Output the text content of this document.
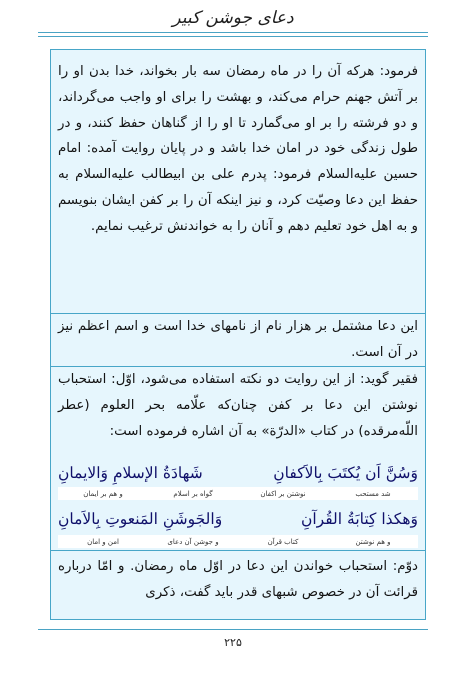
دعای جوشن کبیر
فرمود: هرکه آن را در ماه رمضان سه بار بخواند، خدا بدن او را بر آتش جهنم حرام می‌کند، و بهشت را برای او واجب می‌گرداند، و دو فرشته را بر او می‌گمارد تا او را از گناهان حفظ کنند، و در طول زندگی خود در امان خدا باشد و در پایان روایت آمده: امام حسین علیه‌السلام فرمود: پدرم علی بن ابیطالب علیه‌السلام به حفظ این دعا وصیّت کرد، و نیز اینکه آن را بر کفن ایشان بنویسم و به اهل خود تعلیم دهم و آنان را به خواندنش ترغیب نمایم.
این دعا مشتمل بر هزار نام از نامهای خدا است و اسم اعظم نیز در آن است.
فقیر گوید: از این روایت دو نکته استفاده می‌شود، اوّل: استحباب نوشتن این دعا بر کفن چنان‌که علّامه بحر العلوم (عطر اللّه‌مرقده) در کتاب «الدرّة» به آن اشاره فرموده است:
وَسُنَّ اَن يُكتَبَ بِالاَكفانِ
شَهادَةُ الإسلامِ وَالايمانِ
شد مستحب
نوشتن بر اکفان
گواه بر اسلام
و هم بر ایمان
وَهكذا كِتابَةُ القُرآنِ
وَالجَوشَنِ المَنعوتِ بِالاَمانِ
و هم نوشتن
کتاب قرآن
و جوشن آن دعای
امن و امان
دوّم: استحباب خواندن این دعا در اوّل ماه رمضان. و امّا درباره قرائت آن در خصوص شبهای قدر باید گفت، ذکری
۲۲۵
